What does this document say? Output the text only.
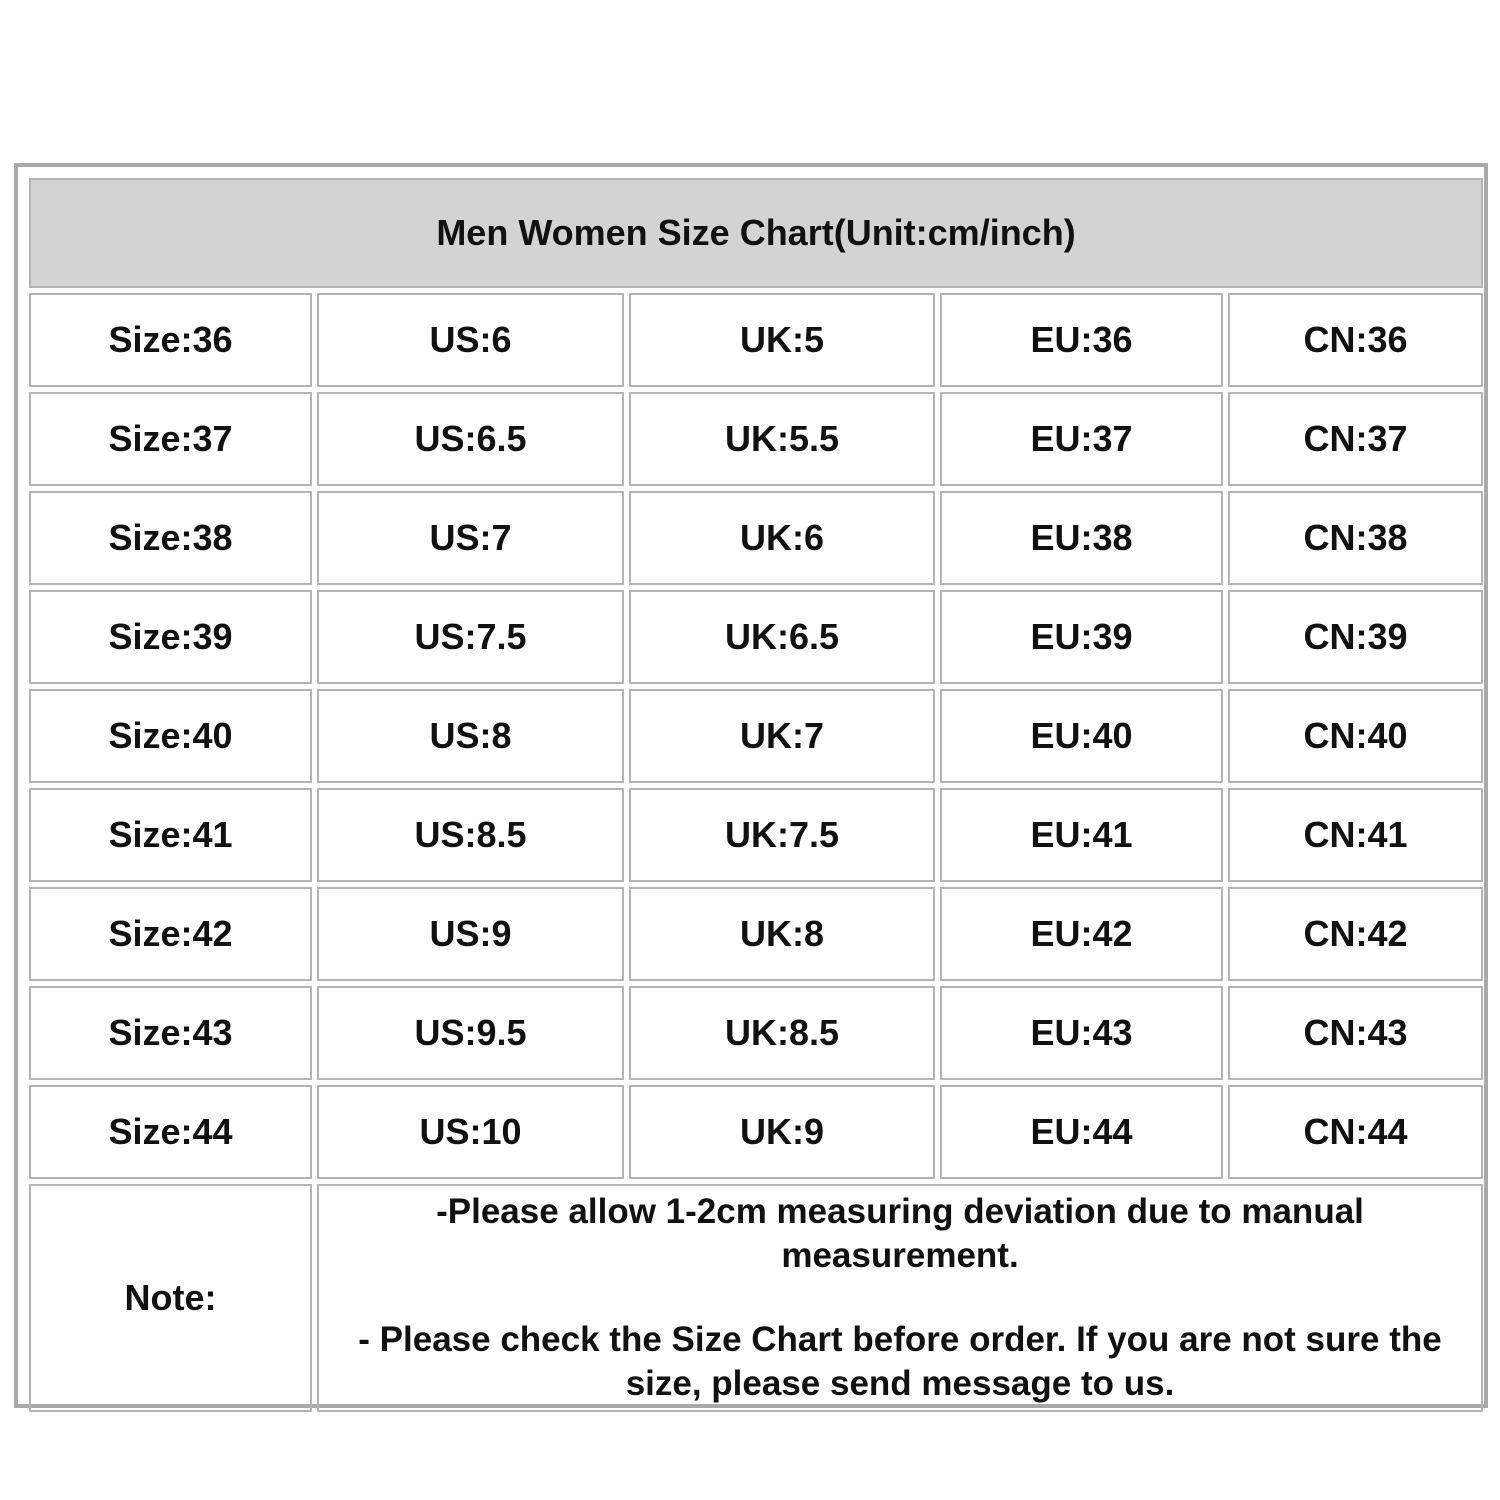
Men Women Size Chart(Unit:cm/inch)				
Size:36	US:6	UK:5	EU:36	CN:36
Size:37	US:6.5	UK:5.5	EU:37	CN:37
Size:38	US:7	UK:6	EU:38	CN:38
Size:39	US:7.5	UK:6.5	EU:39	CN:39
Size:40	US:8	UK:7	EU:40	CN:40
Size:41	US:8.5	UK:7.5	EU:41	CN:41
Size:42	US:9	UK:8	EU:42	CN:42
Size:43	US:9.5	UK:8.5	EU:43	CN:43
Size:44	US:10	UK:9	EU:44	CN:44
Note:	-Please allow 1-2cm measuring deviation due to manual measurement.
- Please check the Size Chart before order. If you are not sure the size, please send message to us.			
